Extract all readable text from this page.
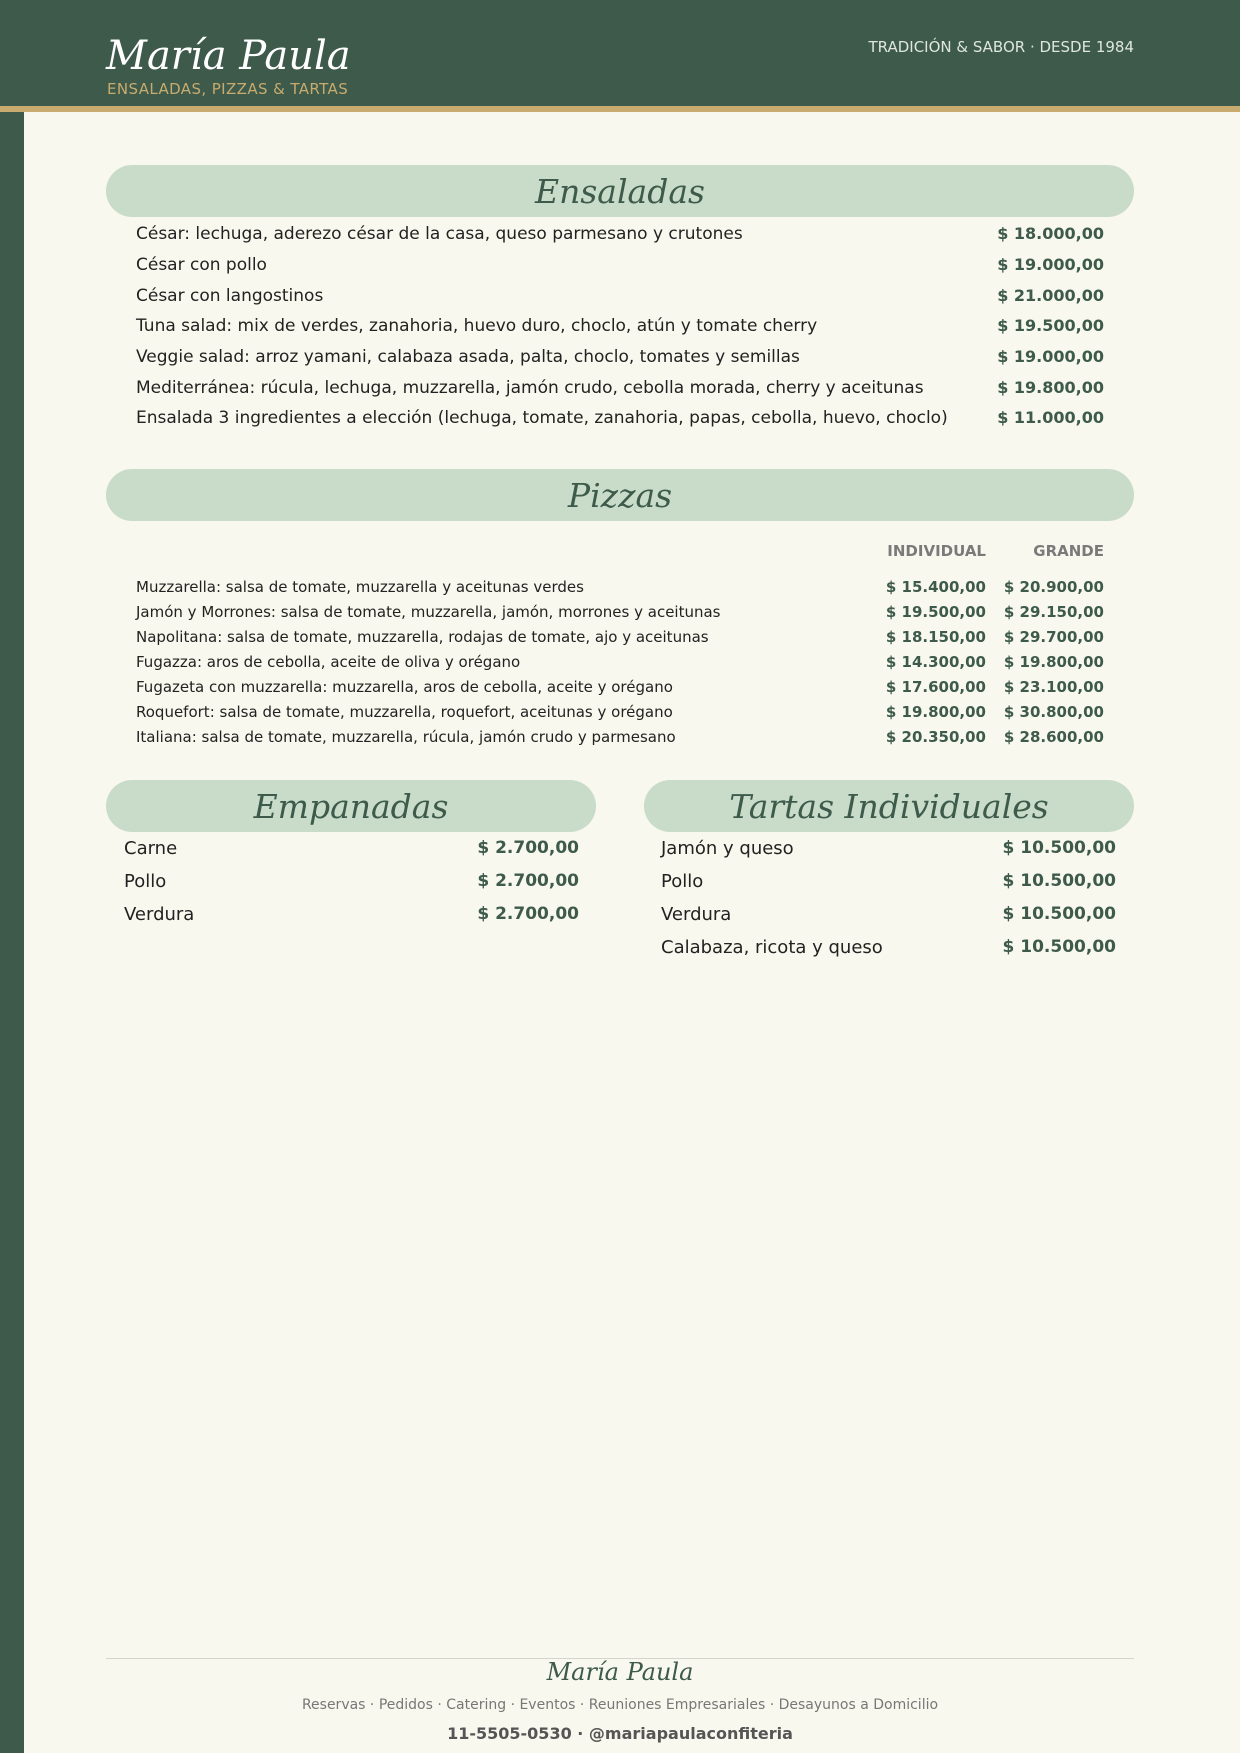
María Paula
ENSALADAS, PIZZAS & TARTAS
TRADICIÓN & SABOR · DESDE 1984
Ensaladas
César: lechuga, aderezo césar de la casa, queso parmesano y crutones	$ 18.000,00
César con pollo	$ 19.000,00
César con langostinos	$ 21.000,00
Tuna salad: mix de verdes, zanahoria, huevo duro, choclo, atún y tomate cherry	$ 19.500,00
Veggie salad: arroz yamani, calabaza asada, palta, choclo, tomates y semillas	$ 19.000,00
Mediterránea: rúcula, lechuga, muzzarella, jamón crudo, cebolla morada, cherry y aceitunas	$ 19.800,00
Ensalada 3 ingredientes a elección (lechuga, tomate, zanahoria, papas, cebolla, huevo, choclo)	$ 11.000,00
Pizzas
INDIVIDUAL	GRANDE
Muzzarella: salsa de tomate, muzzarella y aceitunas verdes	$ 15.400,00 $ 20.900,00
Jamón y Morrones: salsa de tomate, muzzarella, jamón, morrones y aceitunas	$ 19.500,00 $ 29.150,00
Napolitana: salsa de tomate, muzzarella, rodajas de tomate, ajo y aceitunas	$ 18.150,00 $ 29.700,00
Fugazza: aros de cebolla, aceite de oliva y orégano	$ 14.300,00 $ 19.800,00
Fugazeta con muzzarella: muzzarella, aros de cebolla, aceite y orégano	$ 17.600,00 $ 23.100,00
Roquefort: salsa de tomate, muzzarella, roquefort, aceitunas y orégano	$ 19.800,00 $ 30.800,00
Italiana: salsa de tomate, muzzarella, rúcula, jamón crudo y parmesano	$ 20.350,00 $ 28.600,00
Empanadas
Carne	$ 2.700,00
Pollo	$ 2.700,00
Verdura	$ 2.700,00
Tartas Individuales
Jamón y queso	$ 10.500,00
Pollo	$ 10.500,00
Verdura	$ 10.500,00
Calabaza, ricota y queso	$ 10.500,00
María Paula
Reservas · Pedidos · Catering · Eventos · Reuniones Empresariales · Desayunos a Domicilio
11-5505-0530 · @mariapaulaconfiteria
